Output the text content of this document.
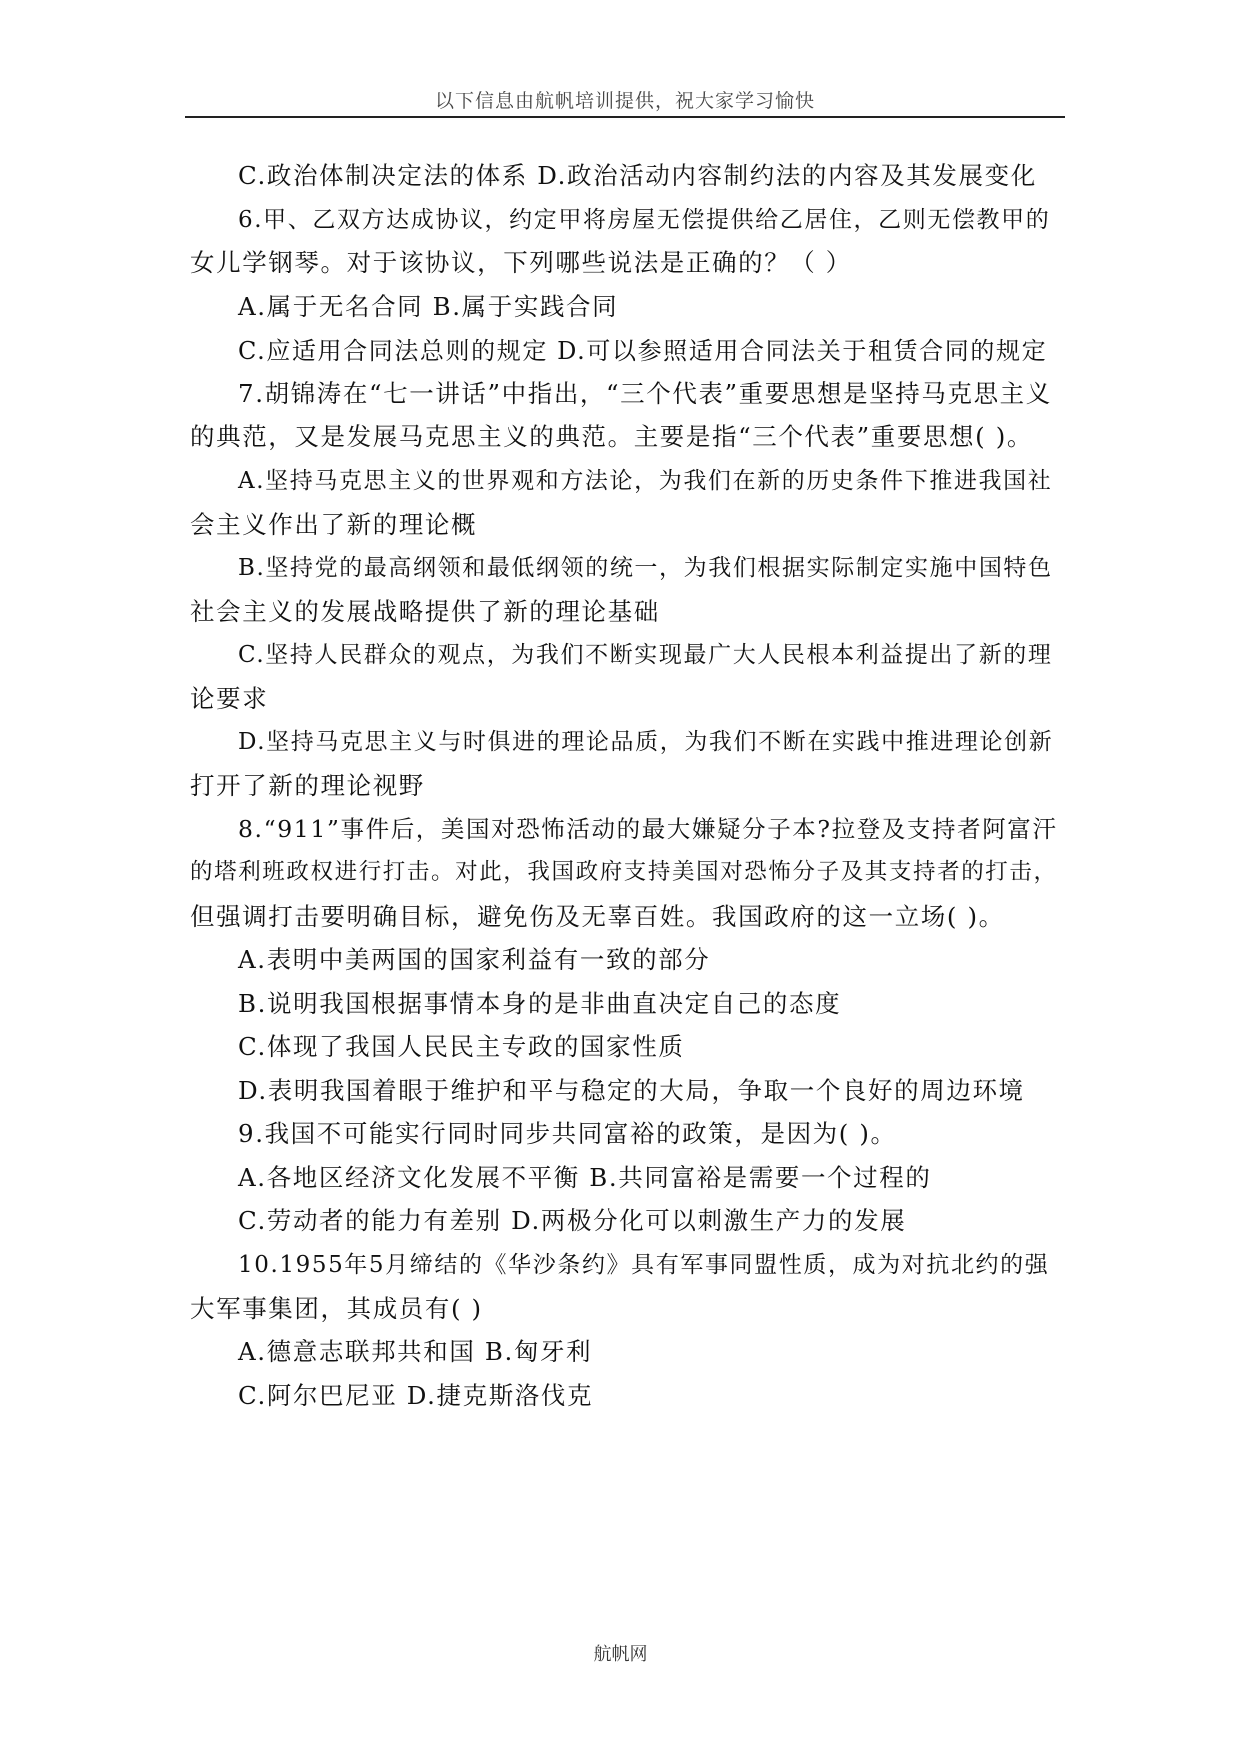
以下信息由航帆培训提供，祝大家学习愉快
C.政治体制决定法的体系 D.政治活动内容制约法的内容及其发展变化
6.甲、乙双方达成协议，约定甲将房屋无偿提供给乙居住，乙则无偿教甲的
女儿学钢琴。对于该协议，下列哪些说法是正确的？（ ）
A.属于无名合同 B.属于实践合同
C.应适用合同法总则的规定 D.可以参照适用合同法关于租赁合同的规定
7.胡锦涛在“七一讲话”中指出，“三个代表”重要思想是坚持马克思主义
的典范，又是发展马克思主义的典范。主要是指“三个代表”重要思想( )。
A.坚持马克思主义的世界观和方法论，为我们在新的历史条件下推进我国社
会主义作出了新的理论概
B.坚持党的最高纲领和最低纲领的统一，为我们根据实际制定实施中国特色
社会主义的发展战略提供了新的理论基础
C.坚持人民群众的观点，为我们不断实现最广大人民根本利益提出了新的理
论要求
D.坚持马克思主义与时俱进的理论品质，为我们不断在实践中推进理论创新
打开了新的理论视野
8.“911”事件后，美国对恐怖活动的最大嫌疑分子本?拉登及支持者阿富汗
的塔利班政权进行打击。对此，我国政府支持美国对恐怖分子及其支持者的打击，
但强调打击要明确目标，避免伤及无辜百姓。我国政府的这一立场( )。
A.表明中美两国的国家利益有一致的部分
B.说明我国根据事情本身的是非曲直决定自己的态度
C.体现了我国人民民主专政的国家性质
D.表明我国着眼于维护和平与稳定的大局，争取一个良好的周边环境
9.我国不可能实行同时同步共同富裕的政策，是因为( )。
A.各地区经济文化发展不平衡 B.共同富裕是需要一个过程的
C.劳动者的能力有差别 D.两极分化可以刺激生产力的发展
10.1955年5月缔结的《华沙条约》具有军事同盟性质，成为对抗北约的强
大军事集团，其成员有( )
A.德意志联邦共和国 B.匈牙利
C.阿尔巴尼亚 D.捷克斯洛伐克
航帆网
